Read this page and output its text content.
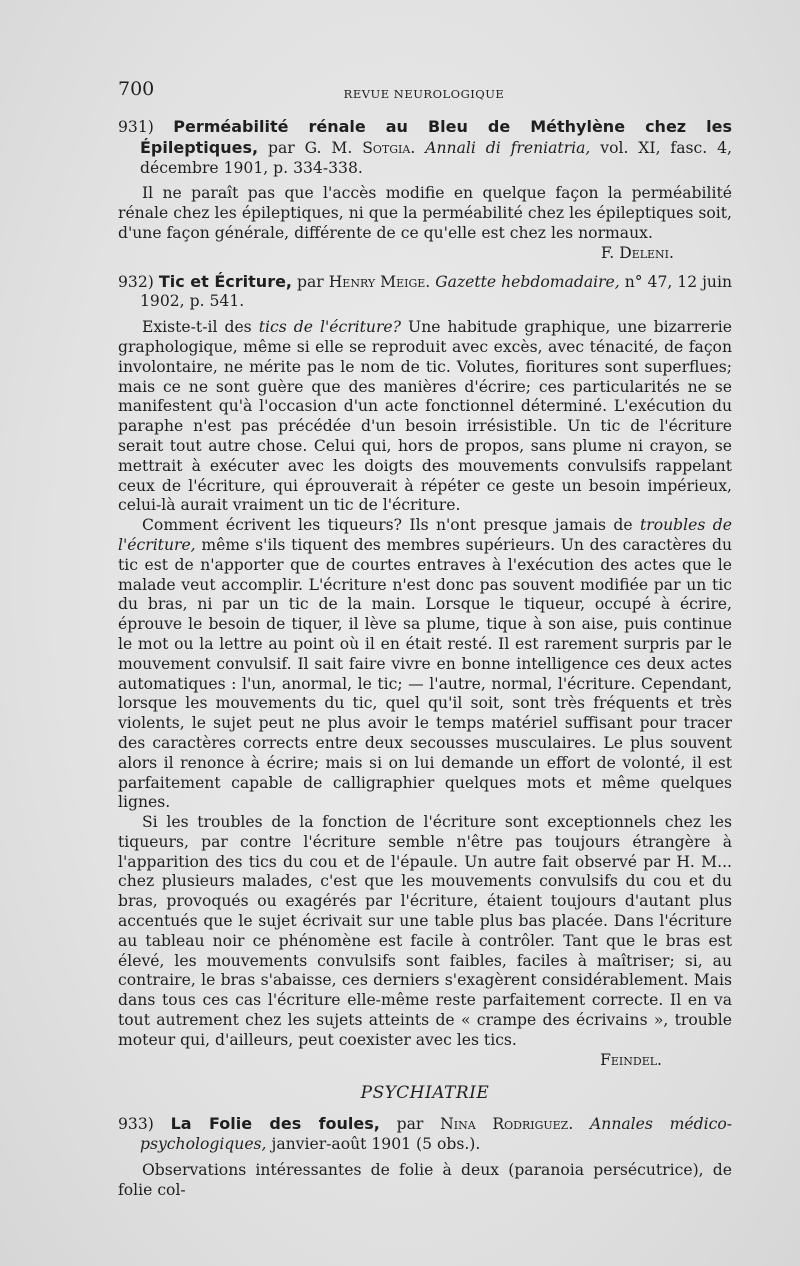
700	REVUE NEUROLOGIQUE

931) Perméabilité rénale au Bleu de Méthylène chez les Épileptiques, par G. M. Sotgia. Annali di freniatria, vol. XI, fasc. 4, décembre 1901, p. 334-338.

Il ne paraît pas que l'accès modifie en quelque façon la perméabilité rénale chez les épileptiques, ni que la perméabilité chez les épileptiques soit, d'une façon générale, différente de ce qu'elle est chez les normaux.

F. Deleni.

932) Tic et Écriture, par Henry Meige. Gazette hebdomadaire, n° 47, 12 juin 1902, p. 541.

Existe-t-il des tics de l'écriture? Une habitude graphique, une bizarrerie graphologique, même si elle se reproduit avec excès, avec ténacité, de façon involontaire, ne mérite pas le nom de tic. Volutes, fioritures sont superflues; mais ce ne sont guère que des manières d'écrire; ces particularités ne se manifestent qu'à l'occasion d'un acte fonctionnel déterminé. L'exécution du paraphe n'est pas précédée d'un besoin irrésistible. Un tic de l'écriture serait tout autre chose. Celui qui, hors de propos, sans plume ni crayon, se mettrait à exécuter avec les doigts des mouvements convulsifs rappelant ceux de l'écriture, qui éprouverait à répéter ce geste un besoin impérieux, celui-là aurait vraiment un tic de l'écriture.

Comment écrivent les tiqueurs? Ils n'ont presque jamais de troubles de l'écriture, même s'ils tiquent des membres supérieurs. Un des caractères du tic est de n'apporter que de courtes entraves à l'exécution des actes que le malade veut accomplir. L'écriture n'est donc pas souvent modifiée par un tic du bras, ni par un tic de la main. Lorsque le tiqueur, occupé à écrire, éprouve le besoin de tiquer, il lève sa plume, tique à son aise, puis continue le mot ou la lettre au point où il en était resté. Il est rarement surpris par le mouvement convulsif. Il sait faire vivre en bonne intelligence ces deux actes automatiques : l'un, anormal, le tic; — l'autre, normal, l'écriture. Cependant, lorsque les mouvements du tic, quel qu'il soit, sont très fréquents et très violents, le sujet peut ne plus avoir le temps matériel suffisant pour tracer des caractères corrects entre deux secousses musculaires. Le plus souvent alors il renonce à écrire; mais si on lui demande un effort de volonté, il est parfaitement capable de calligraphier quelques mots et même quelques lignes.

Si les troubles de la fonction de l'écriture sont exceptionnels chez les tiqueurs, par contre l'écriture semble n'être pas toujours étrangère à l'apparition des tics du cou et de l'épaule. Un autre fait observé par H. M... chez plusieurs malades, c'est que les mouvements convulsifs du cou et du bras, provoqués ou exagérés par l'écriture, étaient toujours d'autant plus accentués que le sujet écrivait sur une table plus bas placée. Dans l'écriture au tableau noir ce phénomène est facile à contrôler. Tant que le bras est élevé, les mouvements convulsifs sont faibles, faciles à maîtriser; si, au contraire, le bras s'abaisse, ces derniers s'exagèrent considérablement. Mais dans tous ces cas l'écriture elle-même reste parfaitement correcte. Il en va tout autrement chez les sujets atteints de « crampe des écrivains », trouble moteur qui, d'ailleurs, peut coexister avec les tics.

Feindel.

PSYCHIATRIE

933) La Folie des foules, par Nina Rodriguez. Annales médico-psychologiques, janvier-août 1901 (5 obs.).

Observations intéressantes de folie à deux (paranoia persécutrice), de folie col-
